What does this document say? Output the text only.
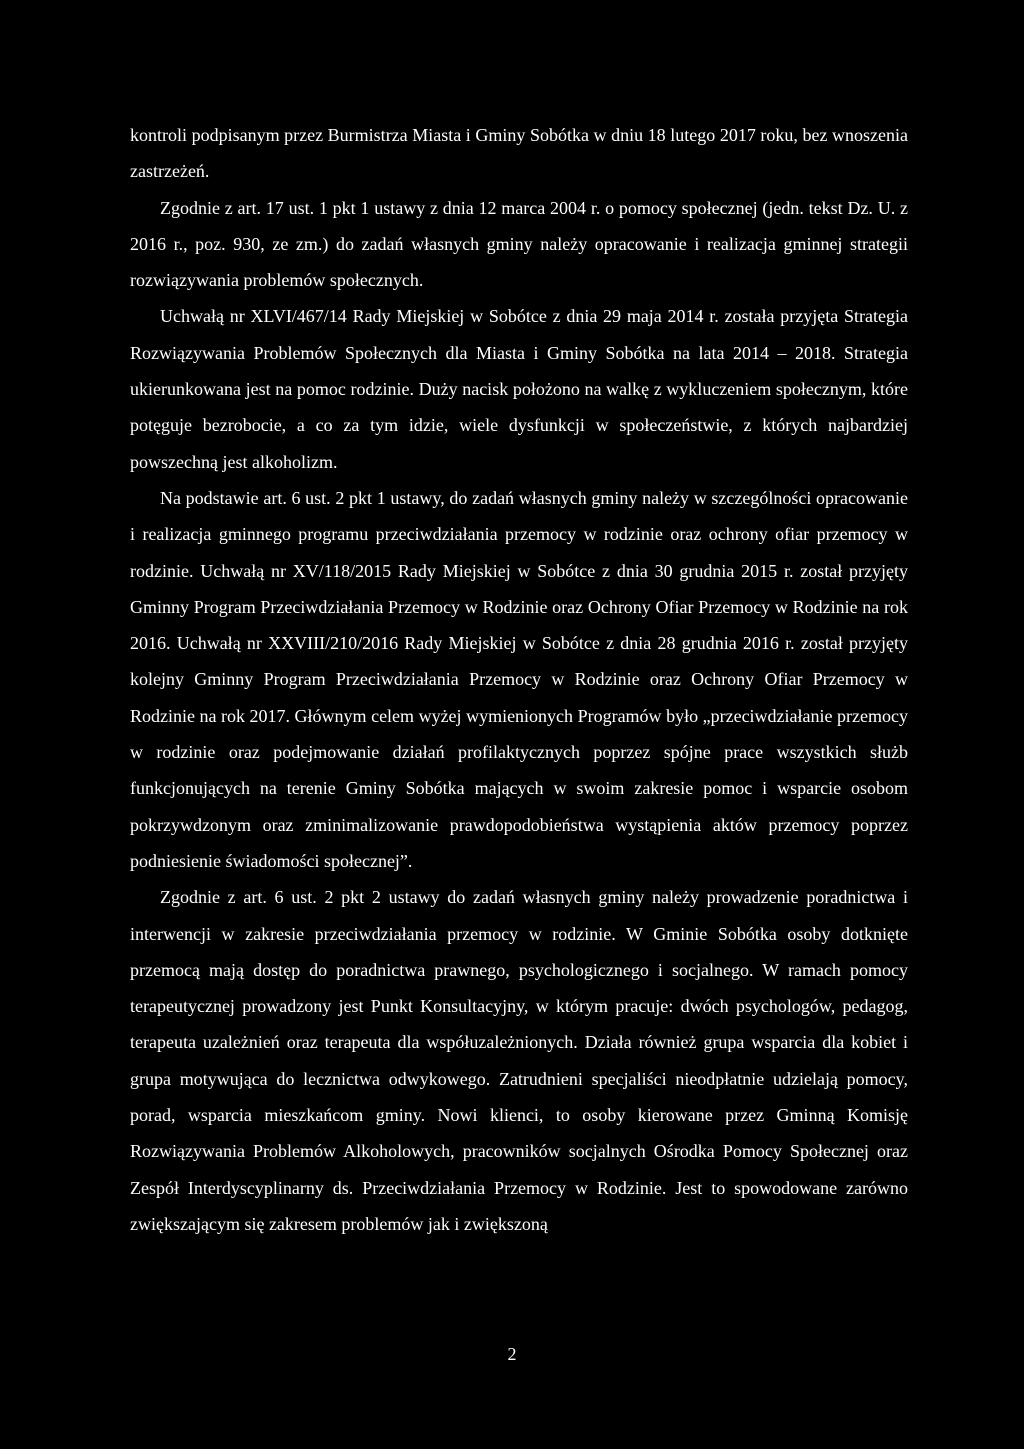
kontroli podpisanym przez Burmistrza Miasta i Gminy Sobótka w dniu 18 lutego 2017 roku, bez wnoszenia zastrzeżeń.

Zgodnie z art. 17 ust. 1 pkt 1 ustawy z dnia 12 marca 2004 r. o pomocy społecznej (jedn. tekst Dz. U. z 2016 r., poz. 930, ze zm.) do zadań własnych gminy należy opracowanie i realizacja gminnej strategii rozwiązywania problemów społecznych.

Uchwałą nr XLVI/467/14 Rady Miejskiej w Sobótce z dnia 29 maja 2014 r. została przyjęta Strategia Rozwiązywania Problemów Społecznych dla Miasta i Gminy Sobótka na lata 2014 – 2018. Strategia ukierunkowana jest na pomoc rodzinie. Duży nacisk położono na walkę z wykluczeniem społecznym, które potęguje bezrobocie, a co za tym idzie, wiele dysfunkcji w społeczeństwie, z których najbardziej powszechną jest alkoholizm.

Na podstawie art. 6 ust. 2 pkt 1 ustawy, do zadań własnych gminy należy w szczególności opracowanie i realizacja gminnego programu przeciwdziałania przemocy w rodzinie oraz ochrony ofiar przemocy w rodzinie. Uchwałą nr XV/118/2015 Rady Miejskiej w Sobótce z dnia 30 grudnia 2015 r. został przyjęty Gminny Program Przeciwdziałania Przemocy w Rodzinie oraz Ochrony Ofiar Przemocy w Rodzinie na rok 2016. Uchwałą nr XXVIII/210/2016 Rady Miejskiej w Sobótce z dnia 28 grudnia 2016 r. został przyjęty kolejny Gminny Program Przeciwdziałania Przemocy w Rodzinie oraz Ochrony Ofiar Przemocy w Rodzinie na rok 2017. Głównym celem wyżej wymienionych Programów było „przeciwdziałanie przemocy w rodzinie oraz podejmowanie działań profilaktycznych poprzez spójne prace wszystkich służb funkcjonujących na terenie Gminy Sobótka mających w swoim zakresie pomoc i wsparcie osobom pokrzywdzonym oraz zminimalizowanie prawdopodobieństwa wystąpienia aktów przemocy poprzez podniesienie świadomości społecznej”.

Zgodnie z art. 6 ust. 2 pkt 2 ustawy do zadań własnych gminy należy prowadzenie poradnictwa i interwencji w zakresie przeciwdziałania przemocy w rodzinie. W Gminie Sobótka osoby dotknięte przemocą mają dostęp do poradnictwa prawnego, psychologicznego i socjalnego. W ramach pomocy terapeutycznej prowadzony jest Punkt Konsultacyjny, w którym pracuje: dwóch psychologów, pedagog, terapeuta uzależnień oraz terapeuta dla współuzależnionych. Działa również grupa wsparcia dla kobiet i grupa motywująca do lecznictwa odwykowego. Zatrudnieni specjaliści nieodpłatnie udzielają pomocy, porad, wsparcia mieszkańcom gminy. Nowi klienci, to osoby kierowane przez Gminną Komisję Rozwiązywania Problemów Alkoholowych, pracowników socjalnych Ośrodka Pomocy Społecznej oraz Zespół Interdyscyplinarny ds. Przeciwdziałania Przemocy w Rodzinie. Jest to spowodowane zarówno zwiększającym się zakresem problemów jak i zwiększoną

2
